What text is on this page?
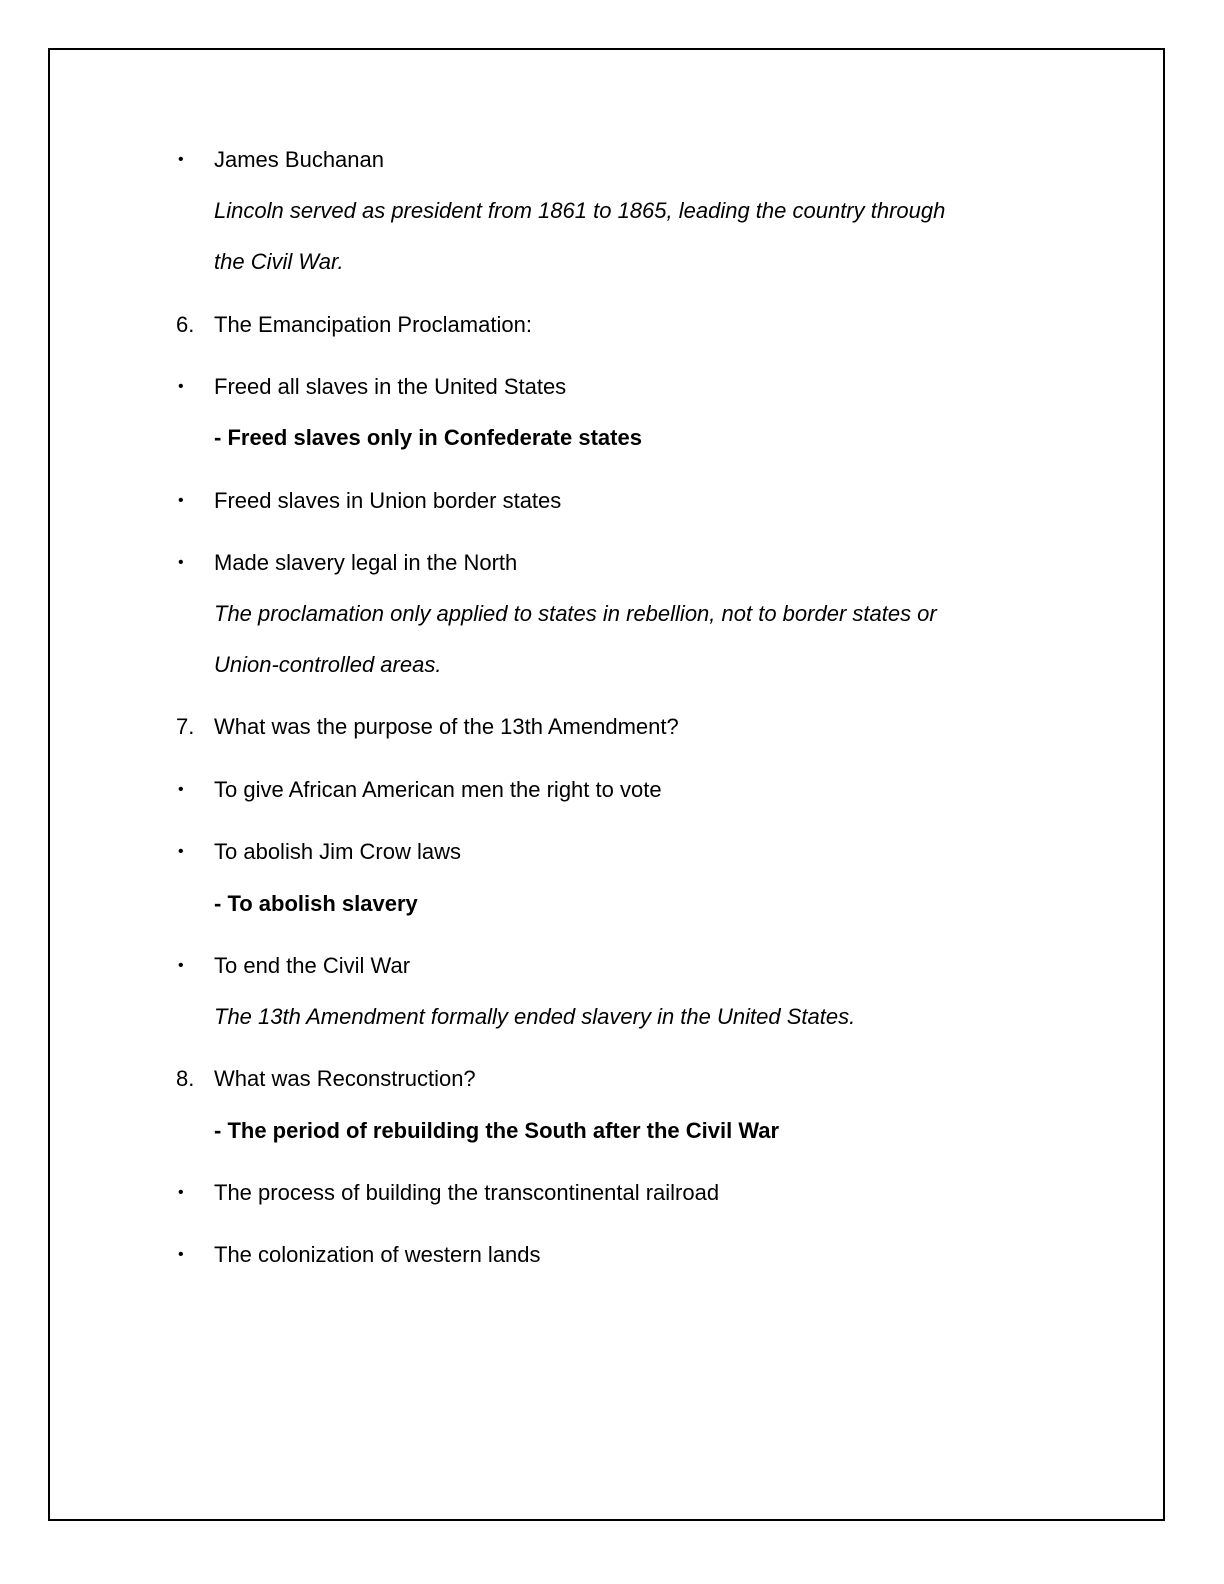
• James Buchanan
Lincoln served as president from 1861 to 1865, leading the country through
the Civil War.
6. The Emancipation Proclamation:
• Freed all slaves in the United States
- Freed slaves only in Confederate states
• Freed slaves in Union border states
• Made slavery legal in the North
The proclamation only applied to states in rebellion, not to border states or
Union-controlled areas.
7. What was the purpose of the 13th Amendment?
• To give African American men the right to vote
• To abolish Jim Crow laws
- To abolish slavery
• To end the Civil War
The 13th Amendment formally ended slavery in the United States.
8. What was Reconstruction?
- The period of rebuilding the South after the Civil War
• The process of building the transcontinental railroad
• The colonization of western lands
